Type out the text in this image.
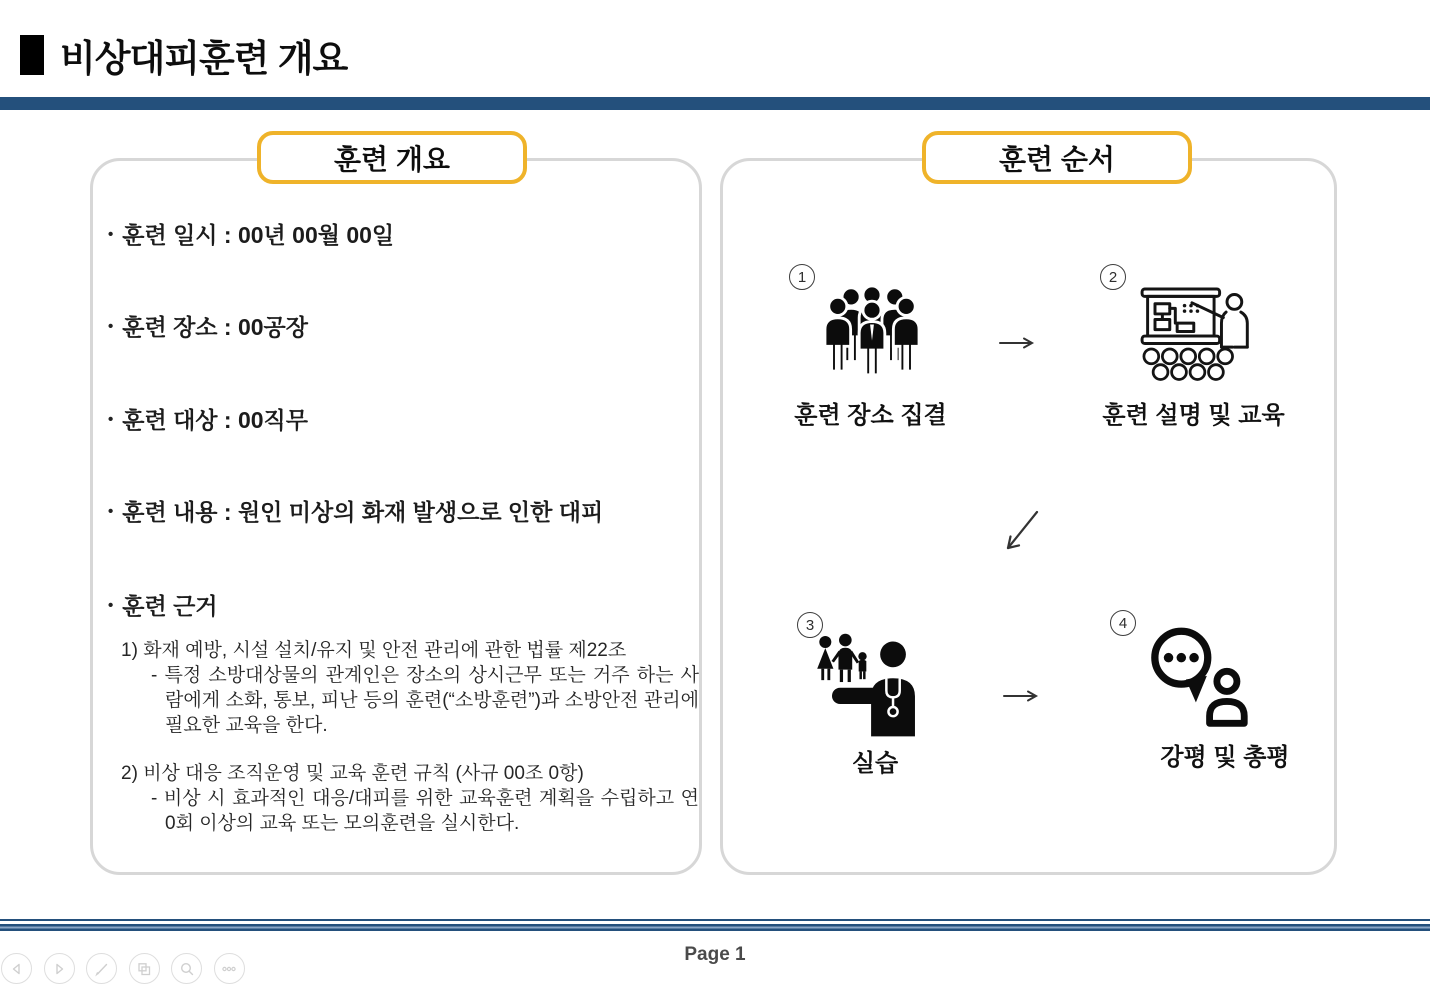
비상대피훈련 개요
• 훈련 일시 : 00년 00월 00일
• 훈련 장소 : 00공장
• 훈련 대상 : 00직무
• 훈련 내용 : 원인 미상의 화재 발생으로 인한 대피
• 훈련 근거
1) 화재 예방, 시설 설치/유지 및 안전 관리에 관한 법률 제22조
- 특정 소방대상물의 관계인은 장소의 상시근무 또는 거주 하는 사람에게 소화, 통보, 피난 등의 훈련(“소방훈련”)과 소방안전 관리에 필요한 교육을 한다.
2) 비상 대응 조직운영 및 교육 훈련 규칙 (사규 00조 0항)
- 비상 시 효과적인 대응/대피를 위한 교육훈련 계획을 수립하고 연 0회 이상의 교육 또는 모의훈련을 실시한다.
훈련 개요
1
훈련 장소 집결
2
훈련 설명 및 교육
3
실습
4
강평 및 총평
훈련 순서
Page 1
